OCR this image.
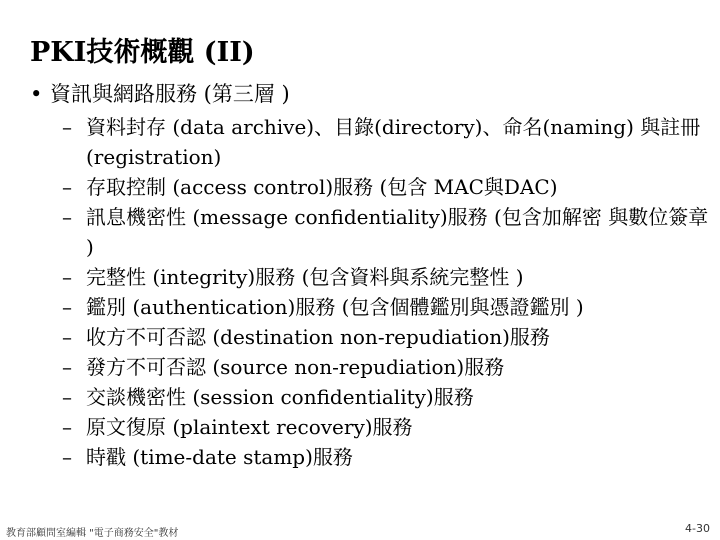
PKI技術概觀 (II)
• 資訊與網路服務 (第三層 )
– 資料封存 (data archive)、目錄(directory)、命名(naming) 與註冊 (registration)
– 存取控制 (access control)服務 (包含 MAC與DAC)
– 訊息機密性 (message confidentiality)服務 (包含加解密 與數位簽章 )
– 完整性 (integrity)服務 (包含資料與系統完整性 )
– 鑑別 (authentication)服務 (包含個體鑑別與憑證鑑別 )
– 收方不可否認 (destination non-repudiation)服務
– 發方不可否認 (source non-repudiation)服務
– 交談機密性 (session confidentiality)服務
– 原文復原 (plaintext recovery)服務
– 時戳 (time-date stamp)服務
教育部顧問室編輯 "電子商務安全"教材	4-30
